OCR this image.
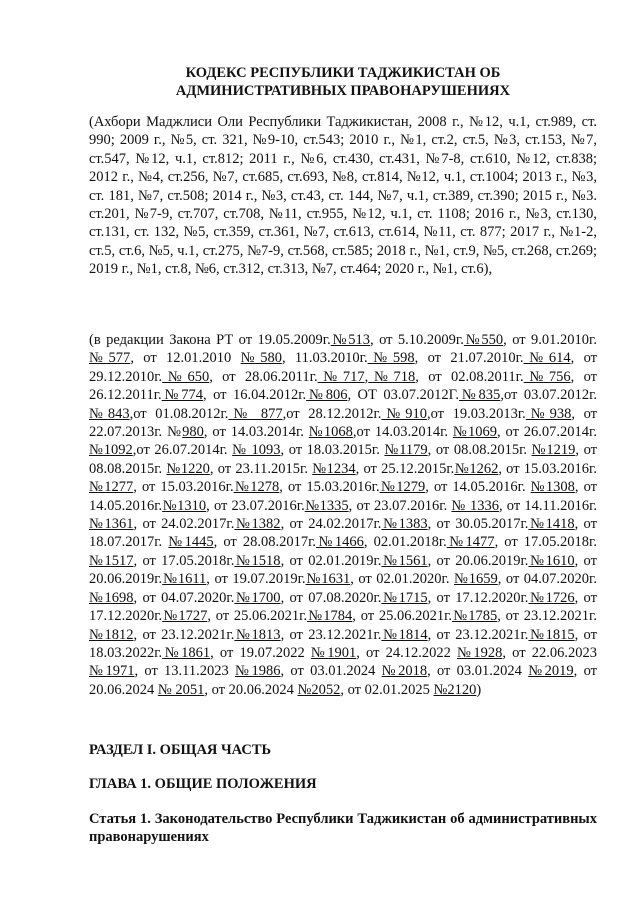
КОДЕКС РЕСПУБЛИКИ ТАДЖИКИСТАН ОБ
АДМИНИСТРАТИВНЫХ ПРАВОНАРУШЕНИЯХ
(Ахбори Маджлиси Оли Республики Таджикистан, 2008 г., №12, ч.1, ст.989, ст. 990; 2009 г., №5, ст. 321, №9-10, ст.543; 2010 г., №1, ст.2, ст.5, №3, ст.153, №7, ст.547, №12, ч.1, ст.812; 2011 г., №6, ст.430, ст.431, №7-8, ст.610, №12, ст.838; 2012 г., №4, ст.256, №7, ст.685, ст.693, №8, ст.814, №12, ч.1, ст.1004; 2013 г., №3, ст. 181, №7, ст.508; 2014 г., №3, ст.43, ст. 144, №7, ч.1, ст.389, ст.390; 2015 г., №3. ст.201, №7-9, ст.707, ст.708, №11, ст.955, №12, ч.1, ст. 1108; 2016 г., №3, ст.130, ст.131, ст. 132, №5, ст.359, ст.361, №7, ст.613, ст.614, №11, ст. 877; 2017 г., №1-2, ст.5, ст.6, №5, ч.1, ст.275, №7-9, ст.568, ст.585; 2018 г., №1, ст.9, №5, ст.268, ст.269; 2019 г., №1, ст.8, №6, ст.312, ст.313, №7, ст.464; 2020 г., №1, ст.6),
(в редакции Закона РТ от 19.05.2009г.№513, от 5.10.2009г.№550, от 9.01.2010г.№577, от 12.01.2010 №580, 11.03.2010г.№598, от 21.07.2010г.№614, от 29.12.2010г.№650, от 28.06.2011г.№717,№718, от 02.08.2011г.№756, от 26.12.2011г.№774, от 16.04.2012г.№806, ОТ 03.07.2012Г.№835,от 03.07.2012г.№843,от 01.08.2012г.№ 877,от 28.12.2012г.№910,от 19.03.2013г.№938, от 22.07.2013г. №980, от 14.03.2014г. №1068,от 14.03.2014г. №1069, от 26.07.2014г.№1092,от 26.07.2014г. № 1093, от 18.03.2015г. №1179, от 08.08.2015г. №1219, от 08.08.2015г. №1220, от 23.11.2015г. №1234, от 25.12.2015г.№1262, от 15.03.2016г.№1277, от 15.03.2016г.№1278, от 15.03.2016г.№1279, от 14.05.2016г. №1308, от 14.05.2016г.№1310, от 23.07.2016г.№1335, от 23.07.2016г. № 1336, от 14.11.2016г.№1361, от 24.02.2017г.№1382, от 24.02.2017г.№1383, от 30.05.2017г.№1418, от 18.07.2017г. №1445, от 28.08.2017г.№1466, 02.01.2018г.№1477, от 17.05.2018г.№1517, от 17.05.2018г.№1518, от 02.01.2019г.№1561, от 20.06.2019г.№1610, от 20.06.2019г.№1611, от 19.07.2019г.№1631, от 02.01.2020г. №1659, от 04.07.2020г.№1698, от 04.07.2020г.№1700, от 07.08.2020г.№1715, от 17.12.2020г.№1726, от 17.12.2020г.№1727, от 25.06.2021г.№1784, от 25.06.2021г.№1785, от 23.12.2021г.№1812, от 23.12.2021г.№1813, от 23.12.2021г.№1814, от 23.12.2021г.№1815, от 18.03.2022г.№1861, от 19.07.2022 №1901, от 24.12.2022 №1928, от 22.06.2023 №1971, от 13.11.2023 №1986, от 03.01.2024 №2018, от 03.01.2024 №2019, от 20.06.2024 № 2051, от 20.06.2024 №2052, от 02.01.2025 №2120)
РАЗДЕЛ I. ОБЩАЯ ЧАСТЬ
ГЛАВА 1. ОБЩИЕ ПОЛОЖЕНИЯ
Статья 1. Законодательство Республики Таджикистан об административных правонарушениях
